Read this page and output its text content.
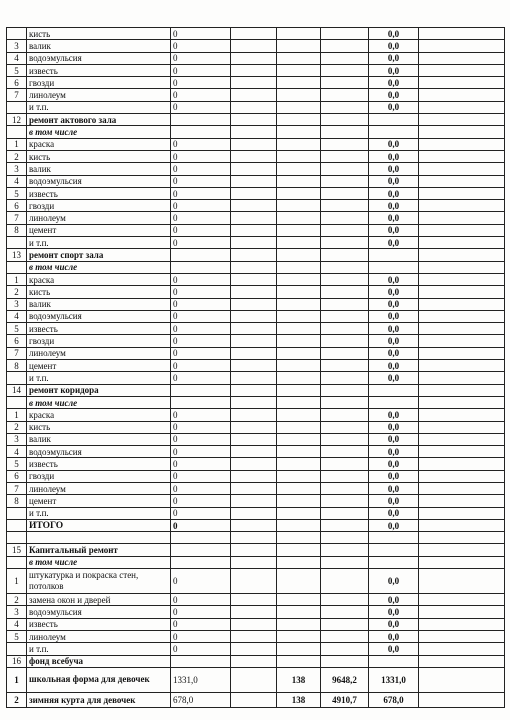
	кисть	0				0,0	
3	валик	0				0,0	
4	водоэмульсия	0				0,0	
5	известь	0				0,0	
6	гвозди	0				0,0	
7	линолеум	0				0,0	
	и т.п.	0				0,0	
12	ремонт актового зала						
	в том числе						
1	краска	0				0,0	
2	кисть	0				0,0	
3	валик	0				0,0	
4	водоэмульсия	0				0,0	
5	известь	0				0,0	
6	гвозди	0				0,0	
7	линолеум	0				0,0	
8	цемент	0				0,0	
	и т.п.	0				0,0	
13	ремонт спорт зала						
	в том числе						
1	краска	0				0,0	
2	кисть	0				0,0	
3	валик	0				0,0	
4	водоэмульсия	0				0,0	
5	известь	0				0,0	
6	гвозди	0				0,0	
7	линолеум	0				0,0	
8	цемент	0				0,0	
	и т.п.	0				0,0	
14	ремонт коридора						
	в том числе						
1	краска	0				0,0	
2	кисть	0				0,0	
3	валик	0				0,0	
4	водоэмульсия	0				0,0	
5	известь	0				0,0	
6	гвозди	0				0,0	
7	линолеум	0				0,0	
8	цемент	0				0,0	
	и т.п.	0				0,0	
	ИТОГО	0				0,0	

15	Капитальный ремонт						
	в том числе						
1	штукатурка и покраска стен, потолков	0				0,0	
2	замена окон и дверей	0				0,0	
3	водоэмульсия	0				0,0	
4	известь	0				0,0	
5	линолеум	0				0,0	
	и т.п.	0				0,0	
16	фонд всебуча						
1	школьная форма для девочек	1331,0		138	9648,2	1331,0	
2	зимняя курта для девочек	678,0		138	4910,7	678,0	
